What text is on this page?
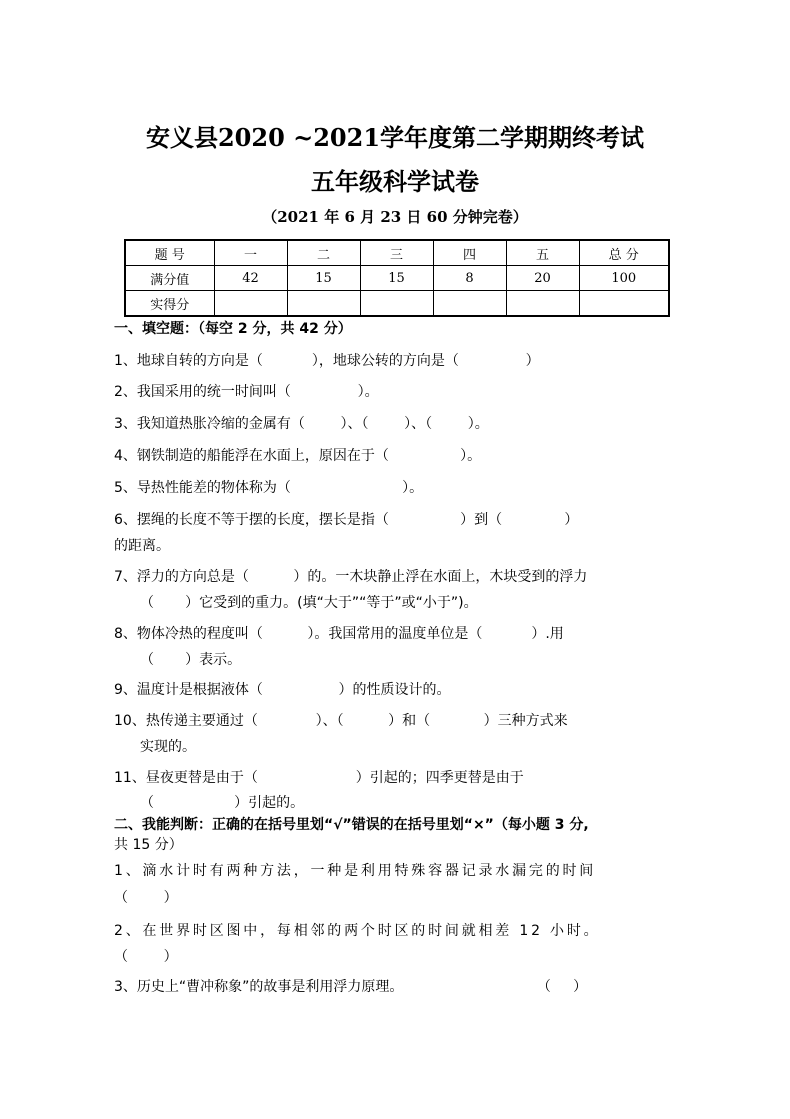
安义县2020 ~2021学年度第二学期期终考试
五年级科学试卷
（2021 年 6 月 23 日 60 分钟完卷）
题 号	一	二	三	四	五	总 分
满分值	42	15	15	8	20	100
实得分						
一、填空题：（每空 2 分，共 42 分）
1、地球自转的方向是（           ），地球公转的方向是（               ）
2、我国采用的统一时间叫（               ）。
3、我知道热胀冷缩的金属有（        ）、（        ）、（        ）。
4、钢铁制造的船能浮在水面上，原因在于（                ）。
5、导热性能差的物体称为（                         ）。
6、摆绳的长度不等于摆的长度，摆长是指（                ）到（              ）
的距离。
7、浮力的方向总是（          ）的。一木块静止浮在水面上，木块受到的浮力
（       ）它受到的重力。(填“大于”“等于”或“小于”)。
8、物体冷热的程度叫（          ）。我国常用的温度单位是（           ）.用
（       ）表示。
9、温度计是根据液体（                 ）的性质设计的。
10、热传递主要通过（             ）、（          ）和（            ）三种方式来
实现的。
11、昼夜更替是由于（                      ）引起的；四季更替是由于
（                  ）引起的。
二、我能判断：正确的在括号里划“√”错误的在括号里划“×”（每小题 3 分,
共 15 分）
1、滴水计时有两种方法，一种是利用特殊容器记录水漏完的时间
（        ）
2、在世界时区图中，每相邻的两个时区的时间就相差 12 小时。
（        ）
3、历史上“曹冲称象”的故事是利用浮力原理。                              （     ）
